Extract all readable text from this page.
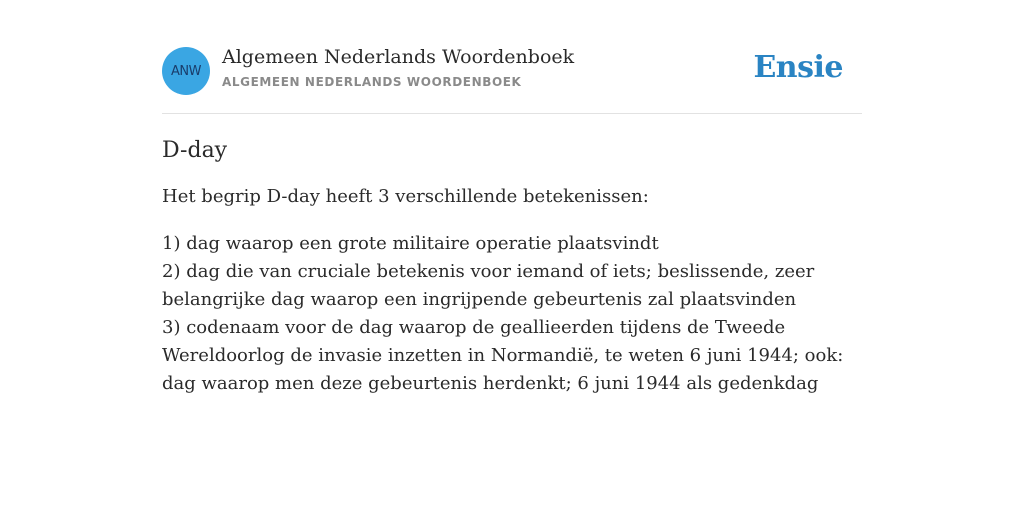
ANW
Algemeen Nederlands Woordenboek
ALGEMEEN NEDERLANDS WOORDENBOEK	Ensie
D-day

Het begrip D-day heeft 3 verschillende betekenissen:

1) dag waarop een grote militaire operatie plaatsvindt
2) dag die van cruciale betekenis voor iemand of iets; beslissende, zeer belangrijke dag waarop een ingrijpende gebeurtenis zal plaatsvinden
3) codenaam voor de dag waarop de geallieerden tijdens de Tweede Wereldoorlog de invasie inzetten in Normandië, te weten 6 juni 1944; ook: dag waarop men deze gebeurtenis herdenkt; 6 juni 1944 als gedenkdag
